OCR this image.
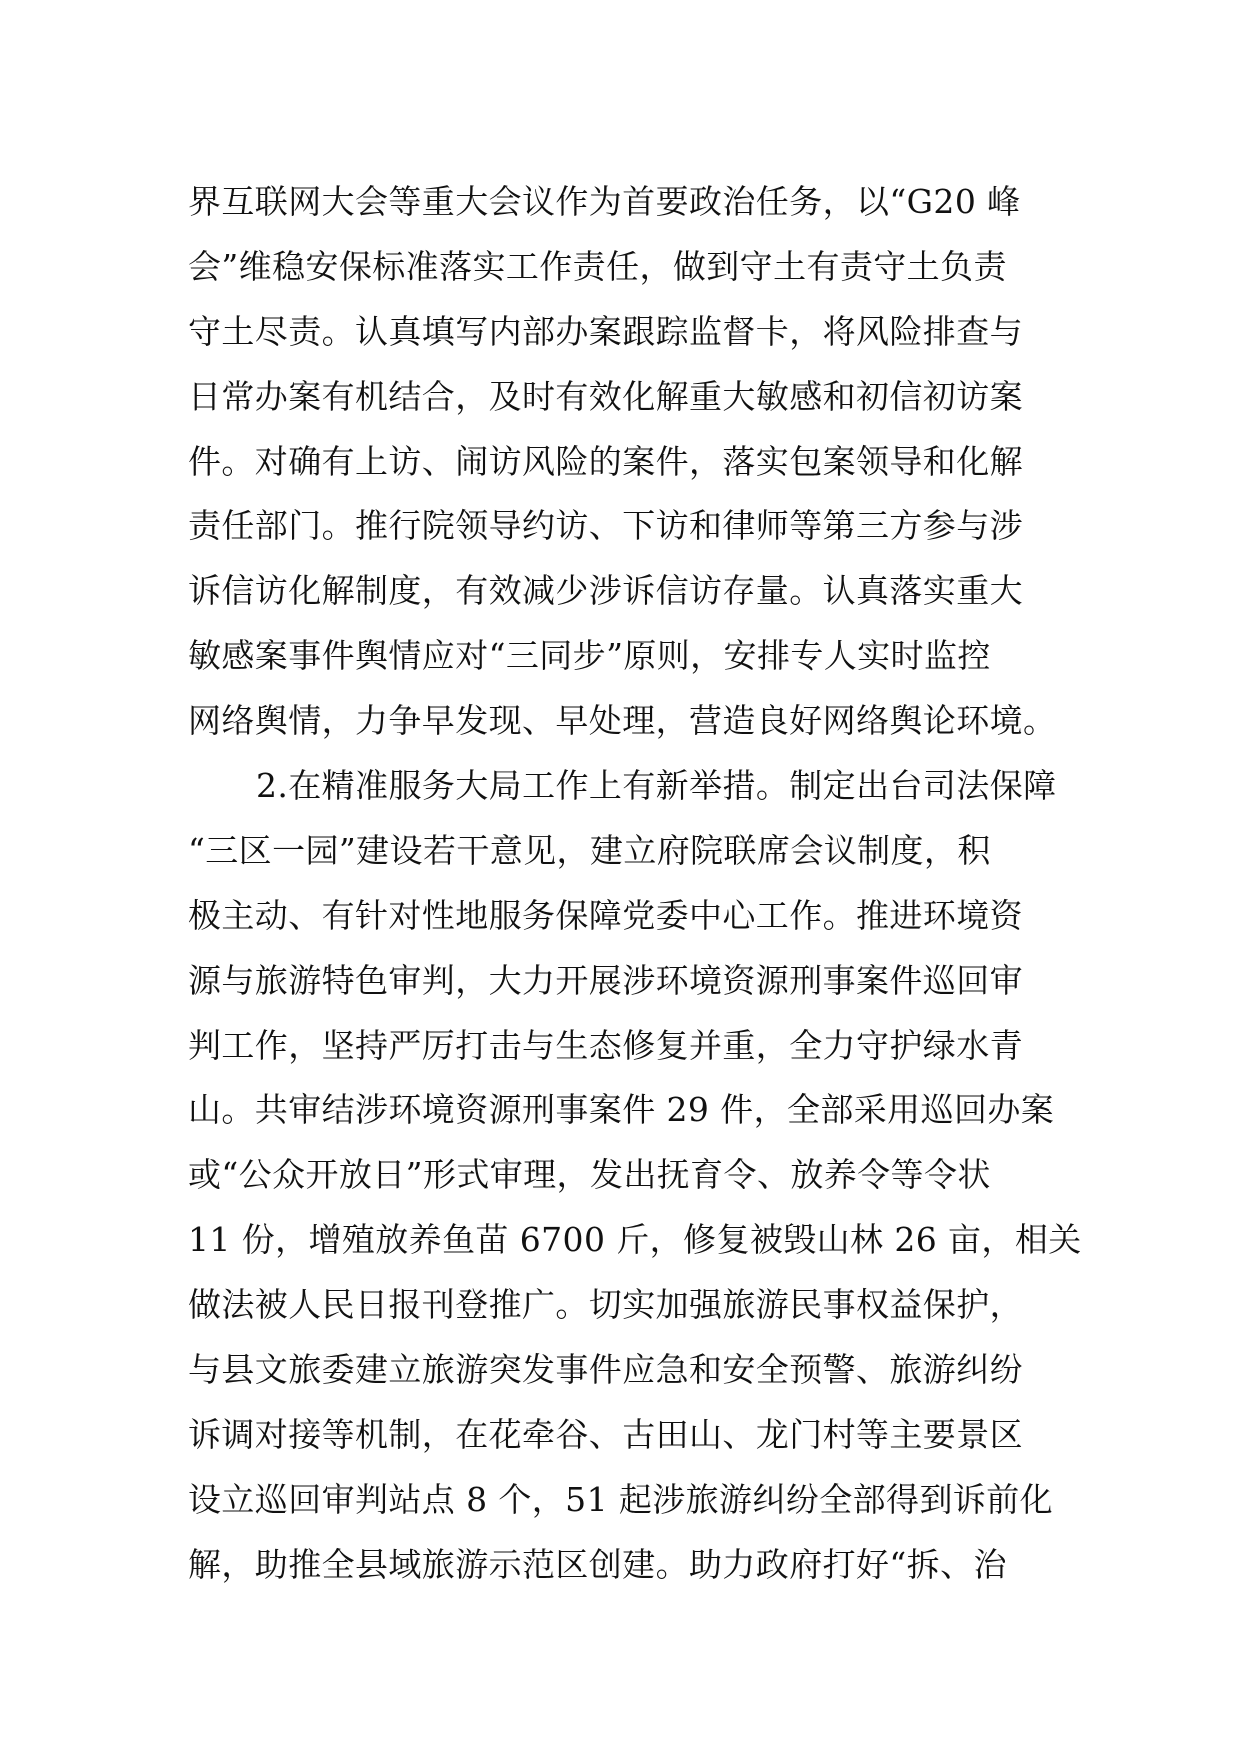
界互联网大会等重大会议作为首要政治任务，以“G20 峰
会”维稳安保标准落实工作责任，做到守土有责守土负责
守土尽责。认真填写内部办案跟踪监督卡，将风险排查与
日常办案有机结合，及时有效化解重大敏感和初信初访案
件。对确有上访、闹访风险的案件，落实包案领导和化解
责任部门。推行院领导约访、下访和律师等第三方参与涉
诉信访化解制度，有效减少涉诉信访存量。认真落实重大
敏感案事件舆情应对“三同步”原则，安排专人实时监控
网络舆情，力争早发现、早处理，营造良好网络舆论环境。
2.在精准服务大局工作上有新举措。制定出台司法保障
“三区一园”建设若干意见，建立府院联席会议制度，积
极主动、有针对性地服务保障党委中心工作。推进环境资
源与旅游特色审判，大力开展涉环境资源刑事案件巡回审
判工作，坚持严厉打击与生态修复并重，全力守护绿水青
山。共审结涉环境资源刑事案件 29 件，全部采用巡回办案
或“公众开放日”形式审理，发出抚育令、放养令等令状
11 份，增殖放养鱼苗 6700 斤，修复被毁山林 26 亩，相关
做法被人民日报刊登推广。切实加强旅游民事权益保护，
与县文旅委建立旅游突发事件应急和安全预警、旅游纠纷
诉调对接等机制，在花牵谷、古田山、龙门村等主要景区
设立巡回审判站点 8 个，51 起涉旅游纠纷全部得到诉前化
解，助推全县域旅游示范区创建。助力政府打好“拆、治
